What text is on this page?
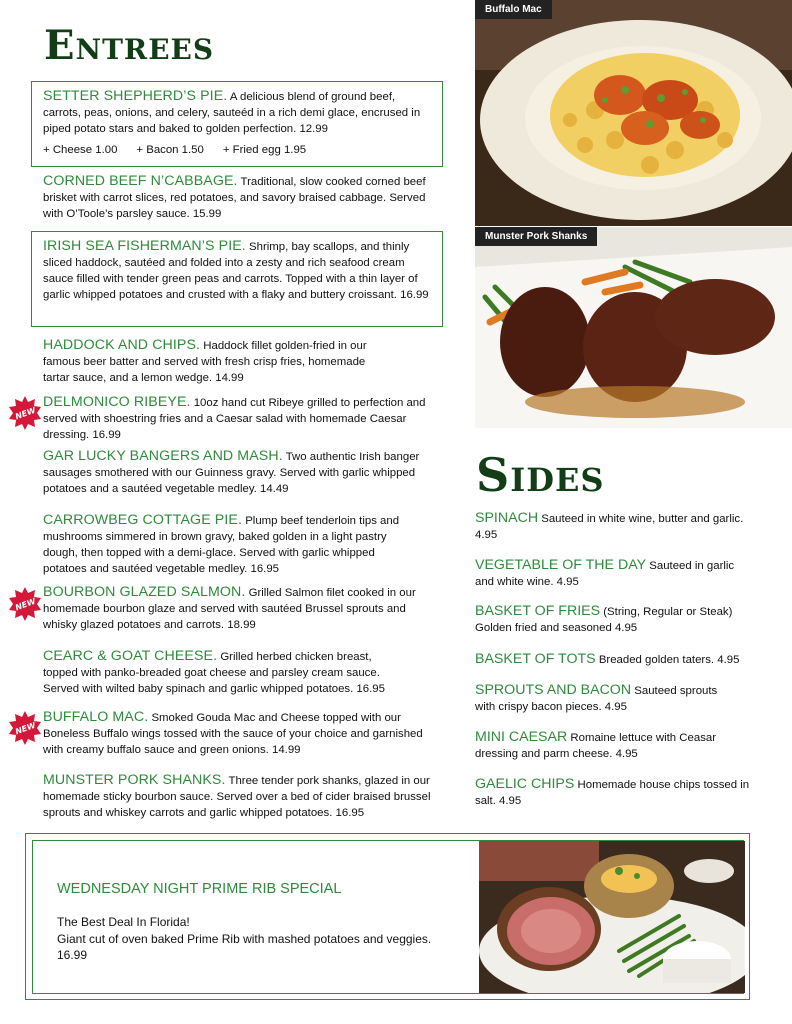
Entrees
SETTER SHEPHERD’S PIE. A delicious blend of ground beef, carrots, peas, onions, and celery, sauteéd in a rich demi glace, encrused in piped potato stars and baked to golden perfection. 12.99
+ Cheese 1.00      + Bacon 1.50      + Fried egg 1.95
CORNED BEEF N’CABBAGE. Traditional, slow cooked corned beef brisket with carrot slices, red potatoes, and savory braised cabbage. Served with O’Toole’s parsley sauce. 15.99
IRISH SEA FISHERMAN’S PIE. Shrimp, bay scallops, and thinly sliced haddock, sautéed and folded into a zesty and rich seafood cream sauce filled with tender green peas and carrots. Topped with a thin layer of garlic whipped potatoes and crusted with a flaky and buttery croissant. 16.99
HADDOCK AND CHIPS. Haddock fillet golden-fried in our famous beer batter and served with fresh crisp fries, homemade tartar sauce, and a lemon wedge. 14.99
NEW
DELMONICO RIBEYE. 10oz hand cut Ribeye grilled to perfection and served with shoestring fries and a Caesar salad with homemade Caesar dressing. 16.99
GAR LUCKY BANGERS AND MASH. Two authentic Irish banger sausages smothered with our Guinness gravy. Served with garlic whipped potatoes and a sautéed vegetable medley. 14.49
CARROWBEG COTTAGE PIE. Plump beef tenderloin tips and mushrooms simmered in brown gravy, baked golden in a light pastry dough, then topped with a demi-glace. Served with garlic whipped potatoes and sautéed vegetable medley. 16.95
NEW
BOURBON GLAZED SALMON. Grilled Salmon filet cooked in our homemade bourbon glaze and served with sautéed Brussel sprouts and whisky glazed potatoes and carrots. 18.99
CEARC & GOAT CHEESE. Grilled herbed chicken breast, topped with panko-breaded goat cheese and parsley cream sauce. Served with wilted baby spinach and garlic whipped potatoes. 16.95
NEW
BUFFALO MAC. Smoked Gouda Mac and Cheese topped with our Boneless Buffalo wings tossed with the sauce of your choice and garnished with creamy buffalo sauce and green onions. 14.99
MUNSTER PORK SHANKS. Three tender pork shanks, glazed in our homemade sticky bourbon sauce. Served over a bed of cider braised brussel sprouts and whiskey carrots and garlic whipped potatoes. 16.95
Buffalo Mac
Munster Pork Shanks
Sides
SPINACH Sauteed in white wine, butter and garlic. 4.95
VEGETABLE OF THE DAY Sauteed in garlic and white wine. 4.95
BASKET OF FRIES (String, Regular or Steak) Golden fried and seasoned 4.95
BASKET OF TOTS Breaded golden taters. 4.95
SPROUTS AND BACON Sauteed sprouts with crispy bacon pieces. 4.95
MINI CAESAR Romaine lettuce with Ceasar dressing and parm cheese. 4.95
GAELIC CHIPS Homemade house chips tossed in salt. 4.95
WEDNESDAY NIGHT PRIME RIB SPECIAL
The Best Deal In Florida!
Giant cut of oven baked Prime Rib with mashed potatoes and veggies. 16.99
